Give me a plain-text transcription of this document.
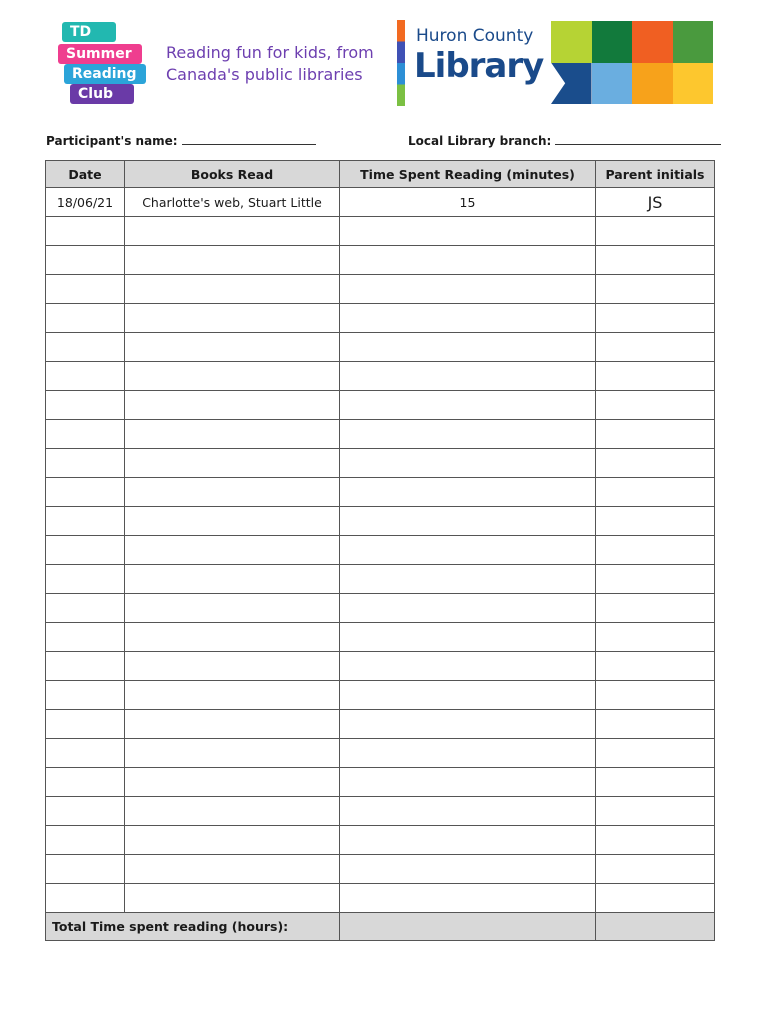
TD
Summer
Reading
Club
Reading fun for kids, from Canada's public libraries
Huron County
Library
Participant's name:	Local Library branch:
Date	Books Read	Time Spent Reading (minutes)	Parent initials
18/06/21	Charlotte's web, Stuart Little	15	JS

Total Time spent reading (hours):			
